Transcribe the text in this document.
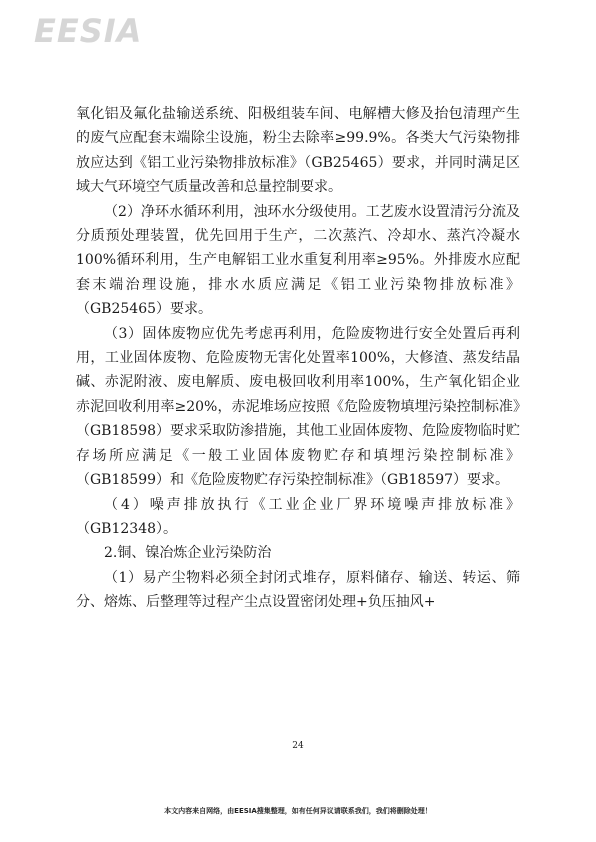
EESIA

氧化铝及氟化盐输送系统、阳极组装车间、电解槽大修及抬包清理产生的废气应配套末端除尘设施，粉尘去除率≥99.9%。各类大气污染物排放应达到《铝工业污染物排放标准》（GB25465）要求，并同时满足区域大气环境空气质量改善和总量控制要求。

（2）净环水循环利用，浊环水分级使用。工艺废水设置清污分流及分质预处理装置，优先回用于生产，二次蒸汽、冷却水、蒸汽冷凝水100%循环利用，生产电解铝工业水重复利用率≥95%。外排废水应配套末端治理设施，排水水质应满足《铝工业污染物排放标准》（GB25465）要求。

（3）固体废物应优先考虑再利用，危险废物进行安全处置后再利用，工业固体废物、危险废物无害化处置率100%，大修渣、蒸发结晶碱、赤泥附液、废电解质、废电极回收利用率100%，生产氧化铝企业赤泥回收利用率≥20%，赤泥堆场应按照《危险废物填埋污染控制标准》（GB18598）要求采取防渗措施，其他工业固体废物、危险废物临时贮存场所应满足《一般工业固体废物贮存和填埋污染控制标准》（GB18599）和《危险废物贮存污染控制标准》（GB18597）要求。

（4）噪声排放执行《工业企业厂界环境噪声排放标准》（GB12348）。

2.铜、镍冶炼企业污染防治

（1）易产尘物料必须全封闭式堆存，原料储存、输送、转运、筛分、熔炼、后整理等过程产尘点设置密闭处理+负压抽风+

24
本文内容来自网络，由EESIA搜集整理，如有任何异议请联系我们，我们将删除处理！
